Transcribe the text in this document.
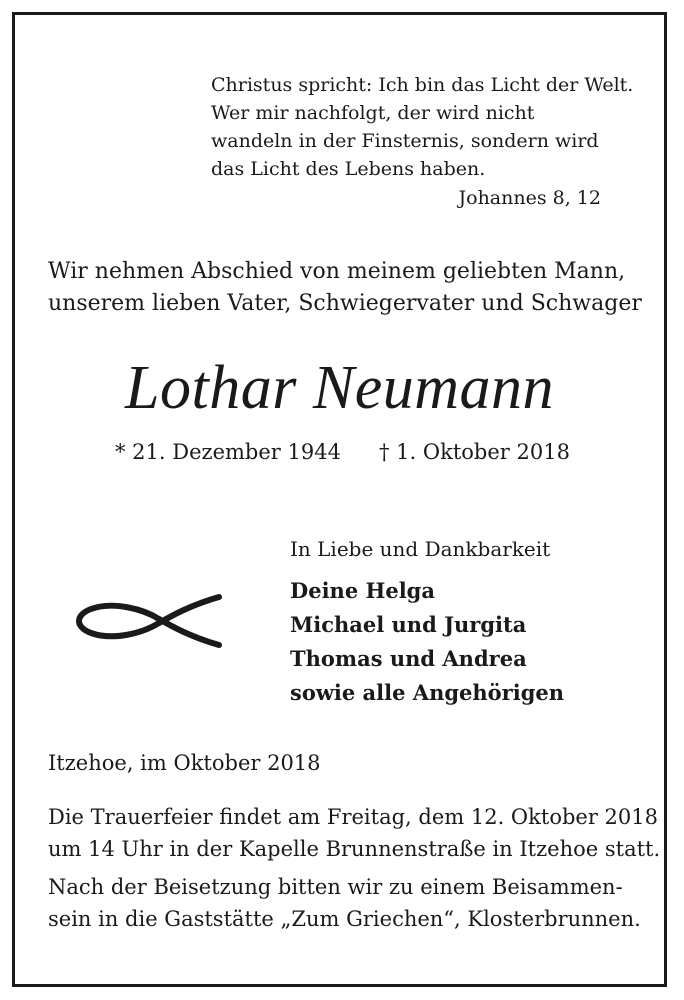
Christus spricht: Ich bin das Licht der Welt.
Wer mir nachfolgt, der wird nicht
wandeln in der Finsternis, sondern wird
das Licht des Lebens haben.
Johannes 8, 12
Wir nehmen Abschied von meinem geliebten Mann,
unserem lieben Vater, Schwiegervater und Schwager
Lothar Neumann
* 21. Dezember 1944 † 1. Oktober 2018
In Liebe und Dankbarkeit
Deine Helga
Michael und Jurgita
Thomas und Andrea
sowie alle Angehörigen
Itzehoe, im Oktober 2018
Die Trauerfeier findet am Freitag, dem 12. Oktober 2018
um 14 Uhr in der Kapelle Brunnenstraße in Itzehoe statt.
Nach der Beisetzung bitten wir zu einem Beisammen-
sein in die Gaststätte „Zum Griechen“, Klosterbrunnen.
